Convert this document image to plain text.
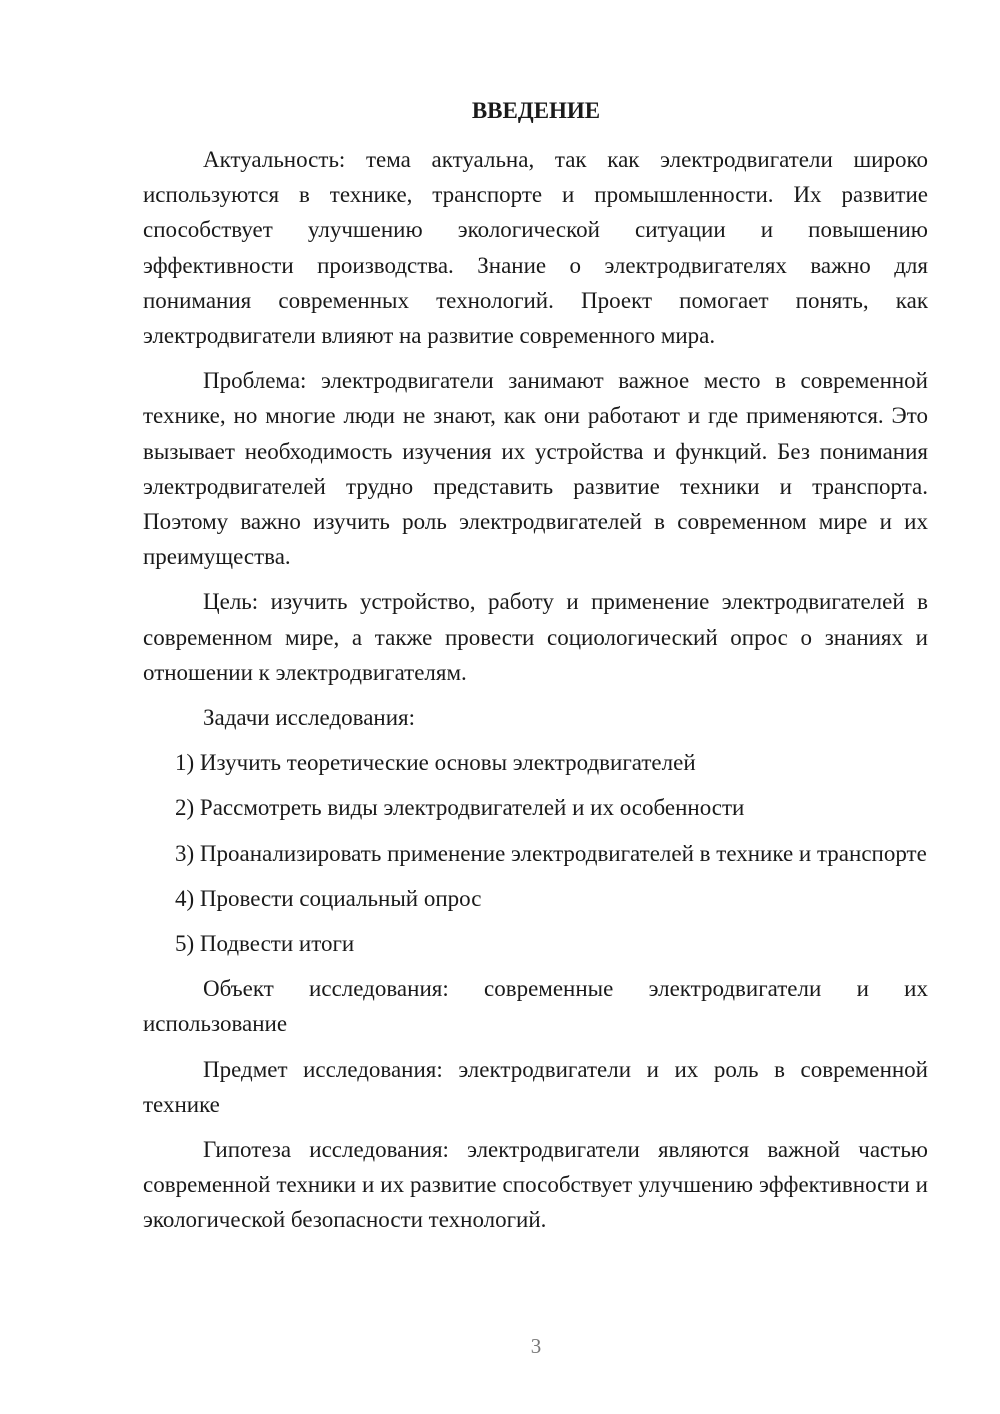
ВВЕДЕНИЕ

Актуальность: тема актуальна, так как электродвигатели широко используются в технике, транспорте и промышленности. Их развитие способствует улучшению экологической ситуации и повышению эффективности производства. Знание о электродвигателях важно для понимания современных технологий. Проект помогает понять, как электродвигатели влияют на развитие современного мира.

Проблема: электродвигатели занимают важное место в современной технике, но многие люди не знают, как они работают и где применяются. Это вызывает необходимость изучения их устройства и функций. Без понимания электродвигателей трудно представить развитие техники и транспорта. Поэтому важно изучить роль электродвигателей в современном мире и их преимущества.

Цель: изучить устройство, работу и применение электродвигателей в современном мире, а также провести социологический опрос о знаниях и отношении к электродвигателям.

Задачи исследования:

1) Изучить теоретические основы электродвигателей

2) Рассмотреть виды электродвигателей и их особенности

3) Проанализировать применение электродвигателей в технике и транспорте

4) Провести социальный опрос

5) Подвести итоги

Объект исследования: современные электродвигатели и их использование

Предмет исследования: электродвигатели и их роль в современной технике

Гипотеза исследования: электродвигатели являются важной частью современной техники и их развитие способствует улучшению эффективности и экологической безопасности технологий.

3
